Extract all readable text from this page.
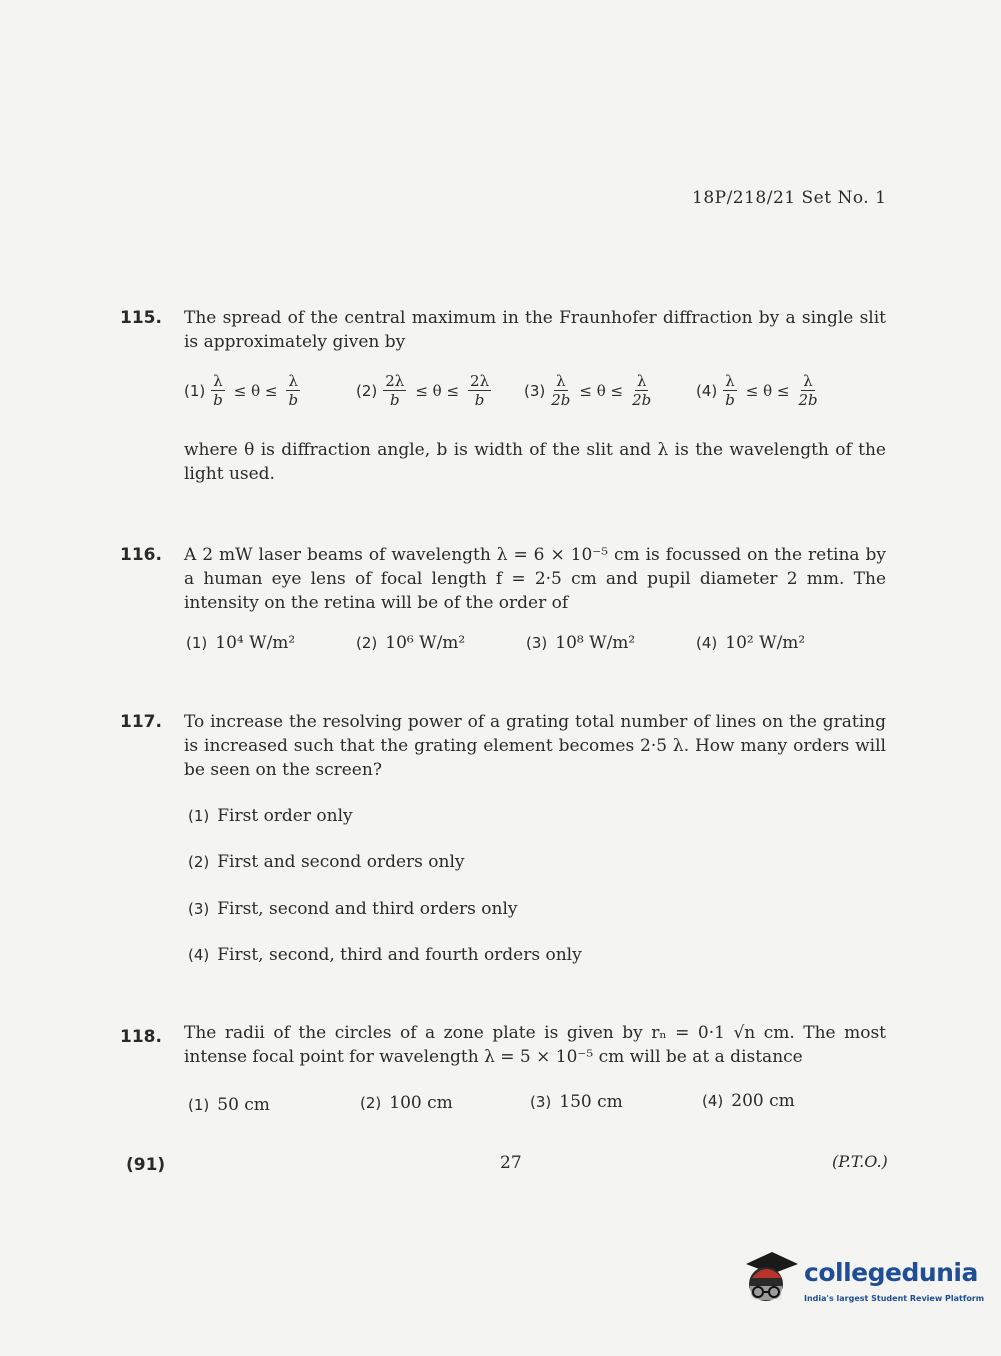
18P/218/21 Set No. 1
115. The spread of the central maximum in the Fraunhofer diffraction by a single slit is approximately given by
$(1) \frac{\lambda}{b} \le \theta \le \frac{\lambda}{b}$	$(2) \frac{2\lambda}{b} \le \theta \le \frac{2\lambda}{b} (3) \frac{\lambda}{2b} \le \theta \le \frac{\lambda}{2b}$	$(4) \frac{\lambda}{b} \le \theta \le \frac{\lambda}{2b}$
where θ is diffraction angle, b is width of the slit and λ is the wavelength of the light used.
116. A 2 mW laser beams of wavelength λ = 6 × 10⁻⁵ cm is focussed on the retina by a human eye lens of focal length f = 2·5 cm and pupil diameter 2 mm. The intensity on the retina will be of the order of
(1) 10⁴ W/m²	(2) 10⁶ W/m²	(3) 10⁸ W/m²	(4) 10² W/m²
117. To increase the resolving power of a grating total number of lines on the grating is increased such that the grating element becomes 2·5 λ. How many orders will be seen on the screen?
(1) First order only
(2) First and second orders only
(3) First, second and third orders only
(4) First, second, third and fourth orders only
118. The radii of the circles of a zone plate is given by rₙ = 0·1 √n cm. The most intense focal point for wavelength λ = 5 × 10⁻⁵ cm will be at a distance
(1) 50 cm	(2) 100 cm	(3) 150 cm	(4) 200 cm
(91)	27	(P.T.O.)
collegedunia
India's largest Student Review Platform
